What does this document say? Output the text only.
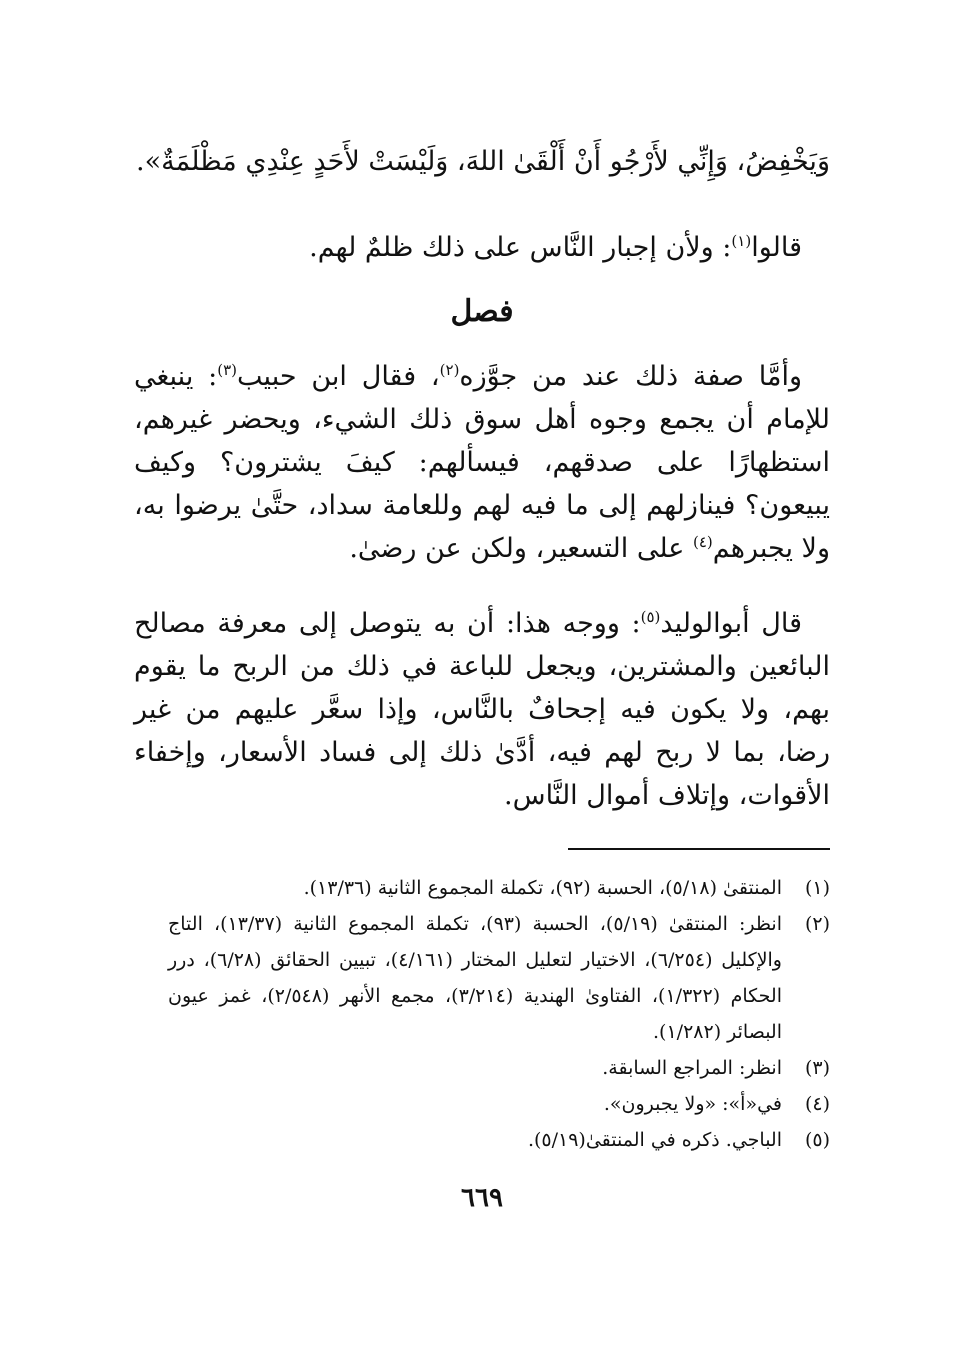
وَيَخْفِضُ، وَإِنِّي لأَرْجُو أَنْ أَلْقَىٰ اللهَ، وَلَيْسَتْ لأَحَدٍ عِنْدِي مَظْلَمَةٌ».

قالوا$^{(١)}$: ولأن إجبار النَّاس على ذلك ظلمٌ لهم.

فصل

وأمَّا صفة ذلك عند من جوَّزه$^{(٢)}$، فقال ابن حبيب$^{(٣)}$: ينبغي للإمام أن يجمع وجوه أهل سوق ذلك الشيء، ويحضر غيرهم، استظهارًا على صدقهم، فيسألهم: كيفَ يشترون؟ وكيف يبيعون؟ فينازلهم إلى ما فيه لهم وللعامة سداد، حتَّىٰ يرضوا به، ولا يجبرهم$^{(٤)}$ على التسعير، ولكن عن رضىٰ.

قال أبوالوليد$^{(٥)}$: ووجه هذا: أن به يتوصل إلى معرفة مصالح البائعين والمشترين، ويجعل للباعة في ذلك من الربح ما يقوم بهم، ولا يكون فيه إجحافٌ بالنَّاس، وإذا سعَّر عليهم من غير رضا، بما لا ربح لهم فيه، أدَّىٰ ذلك إلى فساد الأسعار، وإخفاء الأقوات، وإتلاف أموال النَّاس.

(١)
المنتقىٰ (٥/١٨)، الحسبة (٩٢)، تكملة المجموع الثانية (١٣/٣٦).
(٢)
انظر: المنتقىٰ (٥/١٩)، الحسبة (٩٣)، تكملة المجموع الثانية (١٣/٣٧)، التاج والإكليل (٦/٢٥٤)، الاختيار لتعليل المختار (٤/١٦١)، تبيين الحقائق (٦/٢٨)، درر الحكام (١/٣٢٢)، الفتاوىٰ الهندية (٣/٢١٤)، مجمع الأنهر (٢/٥٤٨)، غمز عيون البصائر (١/٢٨٢).
(٣)
انظر: المراجع السابقة.
(٤)
في«أ»: «ولا يجبرون».
(٥)
الباجي. ذكره في المنتقىٰ(٥/١٩).
٦٦٩
